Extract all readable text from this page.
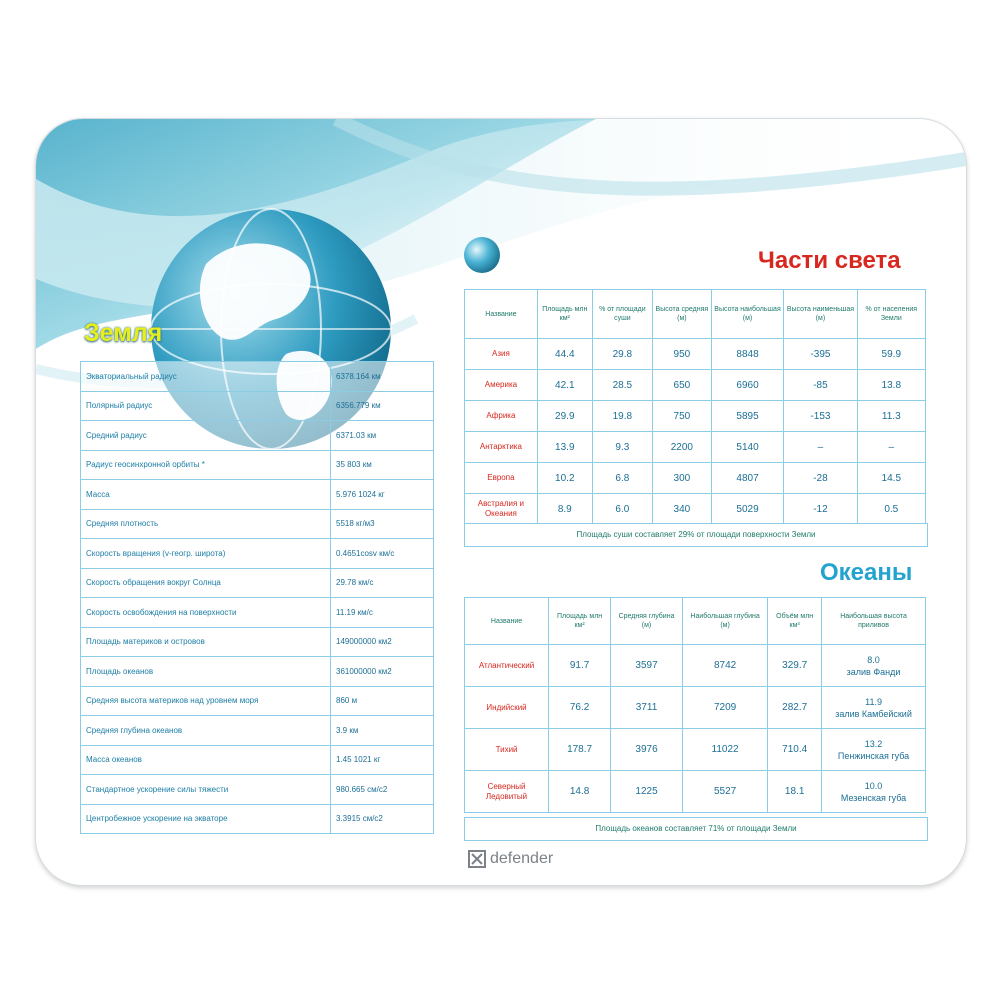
Земля
Экваториальный радиус	6378.164 км
Полярный радиус	6356.779 км
Средний радиус	6371.03 км
Радиус геосинхронной орбиты *	35 803 км
Масса	5.976 1024 кг
Средняя плотность	5518 кг/м3
Скорость вращения (v-геогр. широта)	0.4651cosv км/с
Скорость обращения вокруг Солнца	29.78 км/с
Скорость освобождения на поверхности	11.19 км/с
Площадь материков и островов	149000000 км2
Площадь океанов	361000000 км2
Средняя высота материков над уровнем моря	860 м
Средняя глубина океанов	3.9 км
Масса океанов	1.45 1021 кг
Стандартное ускорение силы тяжести	980.665 см/с2
Центробежное ускорение на экваторе	3.3915 см/с2
Части света
Название	Площадь млн км²	% от площади суши	Высота средняя (м)	Высота наибольшая (м)	Высота наименьшая (м)	% от населения Земли
Азия	44.4	29.8	950	8848	-395	59.9
Америка	42.1	28.5	650	6960	-85	13.8
Африка	29.9	19.8	750	5895	-153	11.3
Антарктика	13.9	9.3	2200	5140	–	–
Европа	10.2	6.8	300	4807	-28	14.5
Австралия и Океания	8.9	6.0	340	5029	-12	0.5
Площадь суши составляет 29% от площади поверхности Земли
Океаны
Название	Площадь млн км²	Средняя глубина (м)	Наибольшая глубина (м)	Объём млн км³	Наибольшая высота приливов
Атлантический	91.7	3597	8742	329.7	8.0
залив Фанди

Индийский	76.2	3711	7209	282.7	11.9
залив Камбейский

Тихий	178.7	3976	11022	710.4	13.2
Пенжинская губа

Северный Ледовитый	14.8	1225	5527	18.1	10.0
Мезенская губа
Площадь океанов составляет 71% от площади Земли
defender
